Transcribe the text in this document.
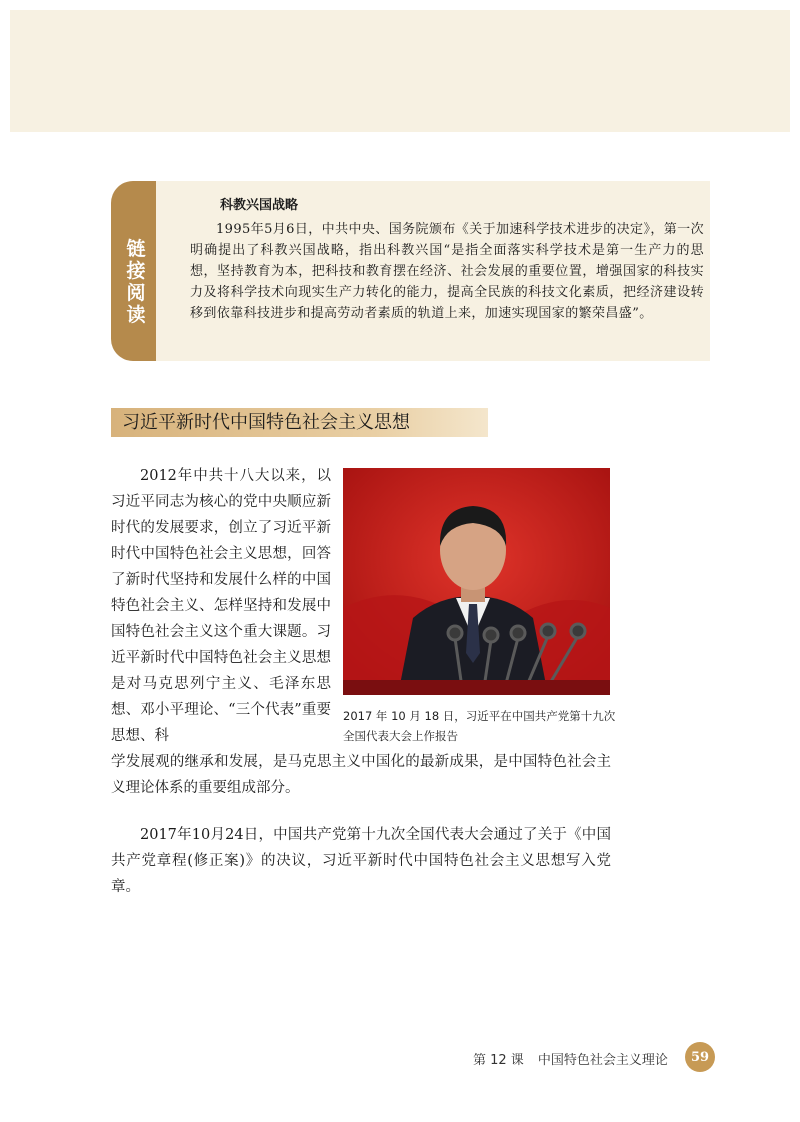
链
接
阅
读
科教兴国战略
1995年5月6日，中共中央、国务院颁布《关于加速科学技术进步的决定》，第一次明确提出了科教兴国战略，指出科教兴国“是指全面落实科学技术是第一生产力的思想，坚持教育为本，把科技和教育摆在经济、社会发展的重要位置，增强国家的科技实力及将科学技术向现实生产力转化的能力，提高全民族的科技文化素质，把经济建设转移到依靠科技进步和提高劳动者素质的轨道上来，加速实现国家的繁荣昌盛”。
习近平新时代中国特色社会主义思想
2012年中共十八大以来，以习近平同志为核心的党中央顺应新时代的发展要求，创立了习近平新时代中国特色社会主义思想，回答了新时代坚持和发展什么样的中国特色社会主义、怎样坚持和发展中国特色社会主义这个重大课题。习近平新时代中国特色社会主义思想是对马克思列宁主义、毛泽东思想、邓小平理论、“三个代表”重要思想、科
2017 年 10 月 18 日，习近平在中国共产党第十九次全国代表大会上作报告
学发展观的继承和发展，是马克思主义中国化的最新成果，是中国特色社会主义理论体系的重要组成部分。
2017年10月24日，中国共产党第十九次全国代表大会通过了关于《中国共产党章程(修正案)》的决议，习近平新时代中国特色社会主义思想写入党章。
第 12 课 中国特色社会主义理论	59
